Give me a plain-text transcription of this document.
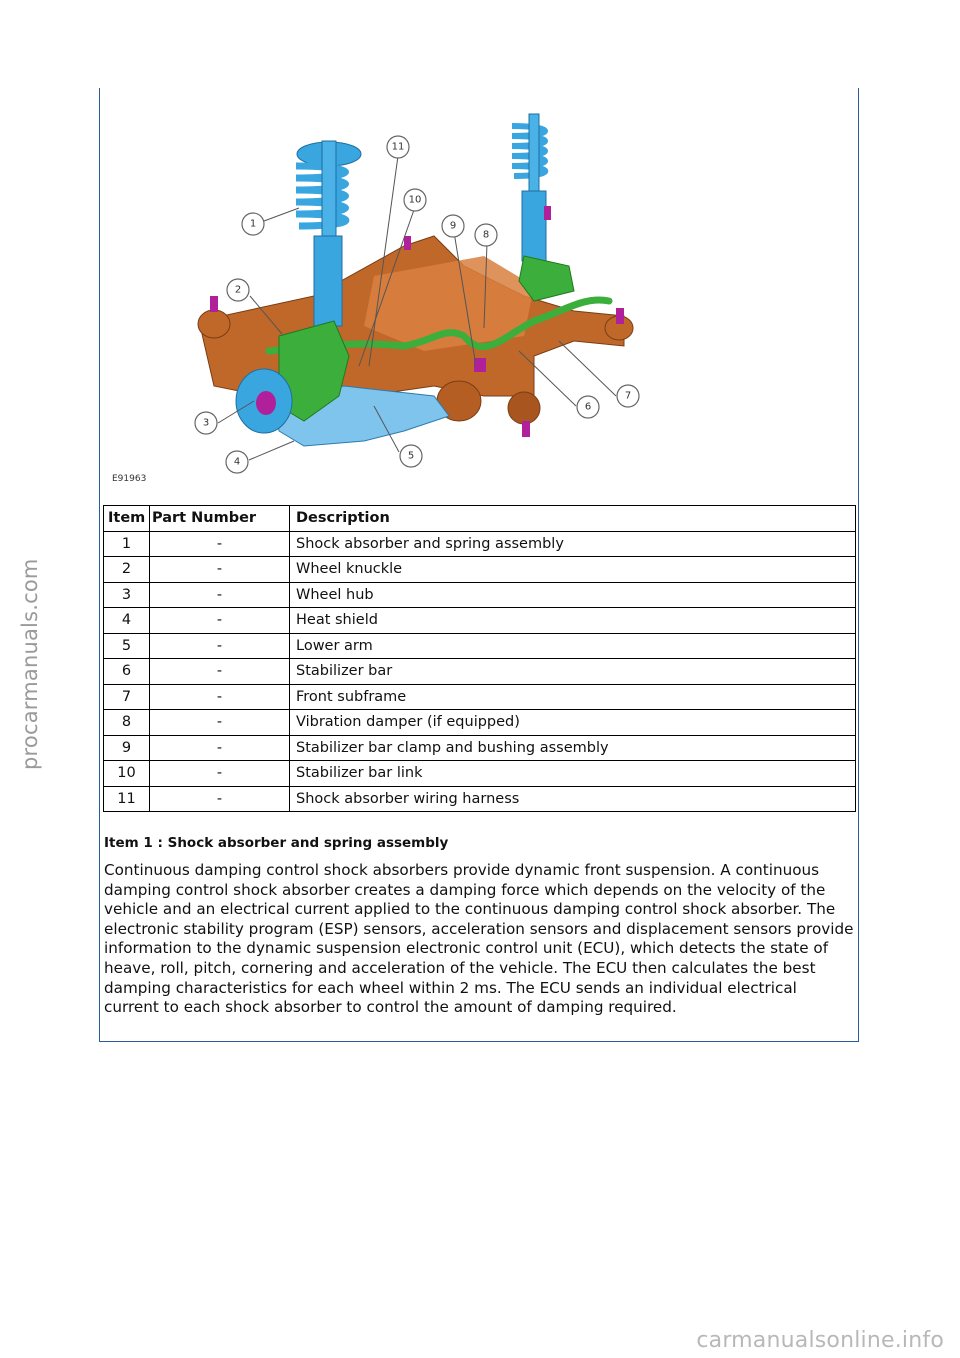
1
2
3
4
5
6
7
8
9
10
11
E91963
Item	Part Number	Description
1	-	Shock absorber and spring assembly
2	-	Wheel knuckle
3	-	Wheel hub
4	-	Heat shield
5	-	Lower arm
6	-	Stabilizer bar
7	-	Front subframe
8	-	Vibration damper (if equipped)
9	-	Stabilizer bar clamp and bushing assembly
10	-	Stabilizer bar link
11	-	Shock absorber wiring harness
Item 1 : Shock absorber and spring assembly

Continuous damping control shock absorbers provide dynamic front suspension. A continuous damping control shock absorber creates a damping force which depends on the velocity of the vehicle and an electrical current applied to the continuous damping control shock absorber. The electronic stability program (ESP) sensors, acceleration sensors and displacement sensors provide information to the dynamic suspension electronic control unit (ECU), which detects the state of heave, roll, pitch, cornering and acceleration of the vehicle. The ECU then calculates the best damping characteristics for each wheel within 2 ms. The ECU sends an individual electrical current to each shock absorber to control the amount of damping required.

procarmanuals.com
carmanualsonline.info
